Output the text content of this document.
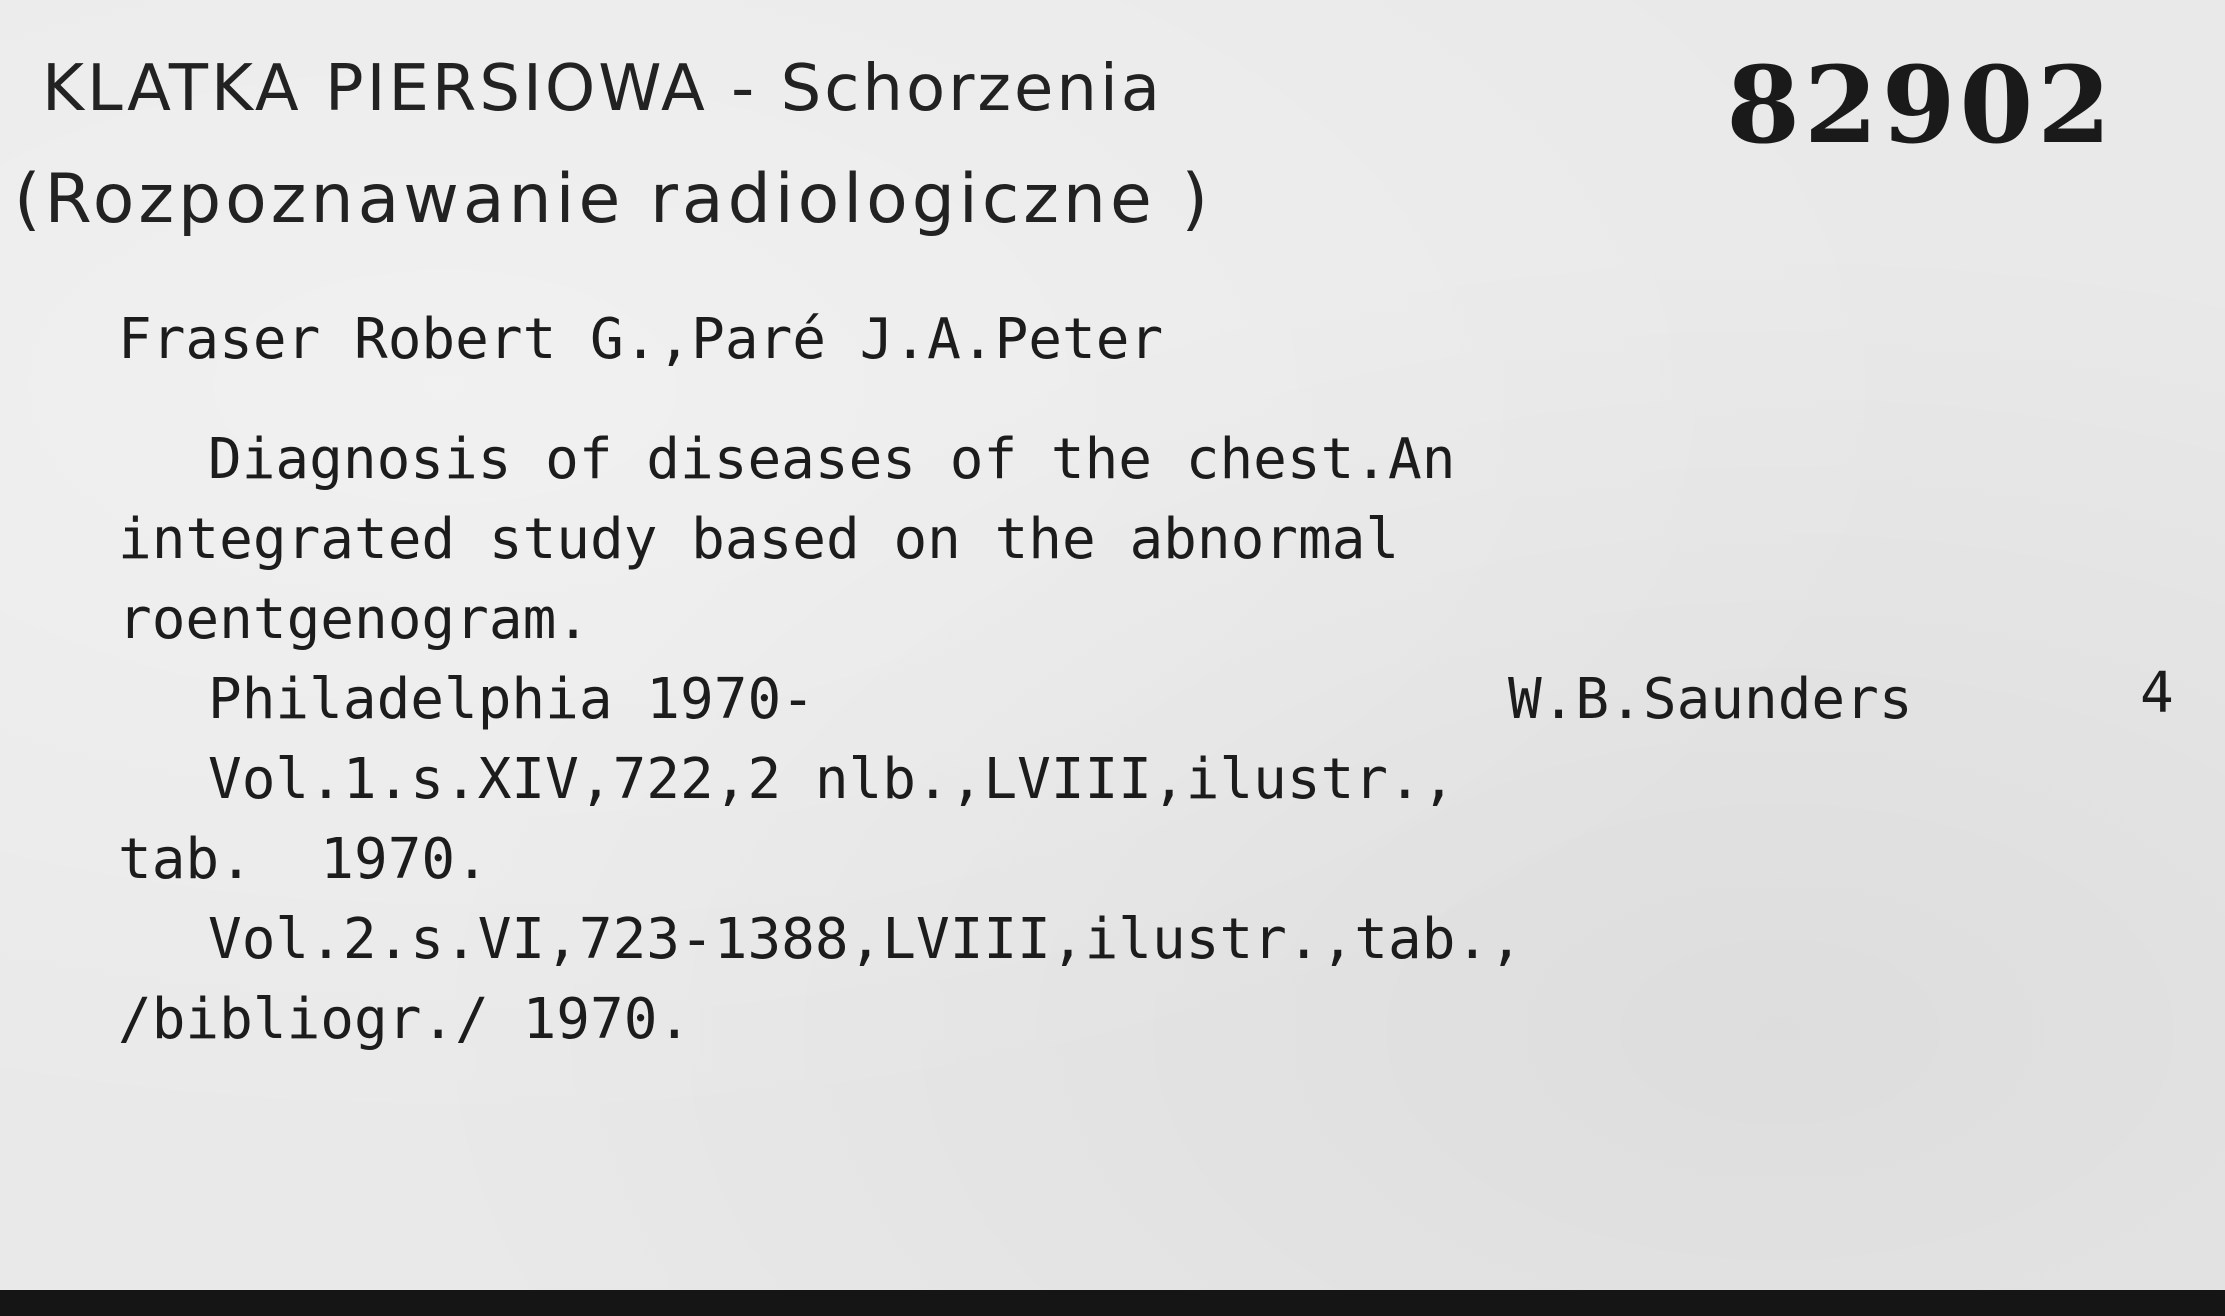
KLATKA PIERSIOWA - Schorzenia
(Rozpoznawanie radiologiczne )
82902
Fraser Robert G.,Paré J.A.Peter
Diagnosis of diseases of the chest.An
integrated study based on the abnormal
roentgenogram.
Philadelphia 1970-	W.B.Saunders	4
Vol.1.s.XIV,722,2 nlb.,LVIII,ilustr.,
tab.  1970.
Vol.2.s.VI,723-1388,LVIII,ilustr.,tab.,
/bibliogr./ 1970.
